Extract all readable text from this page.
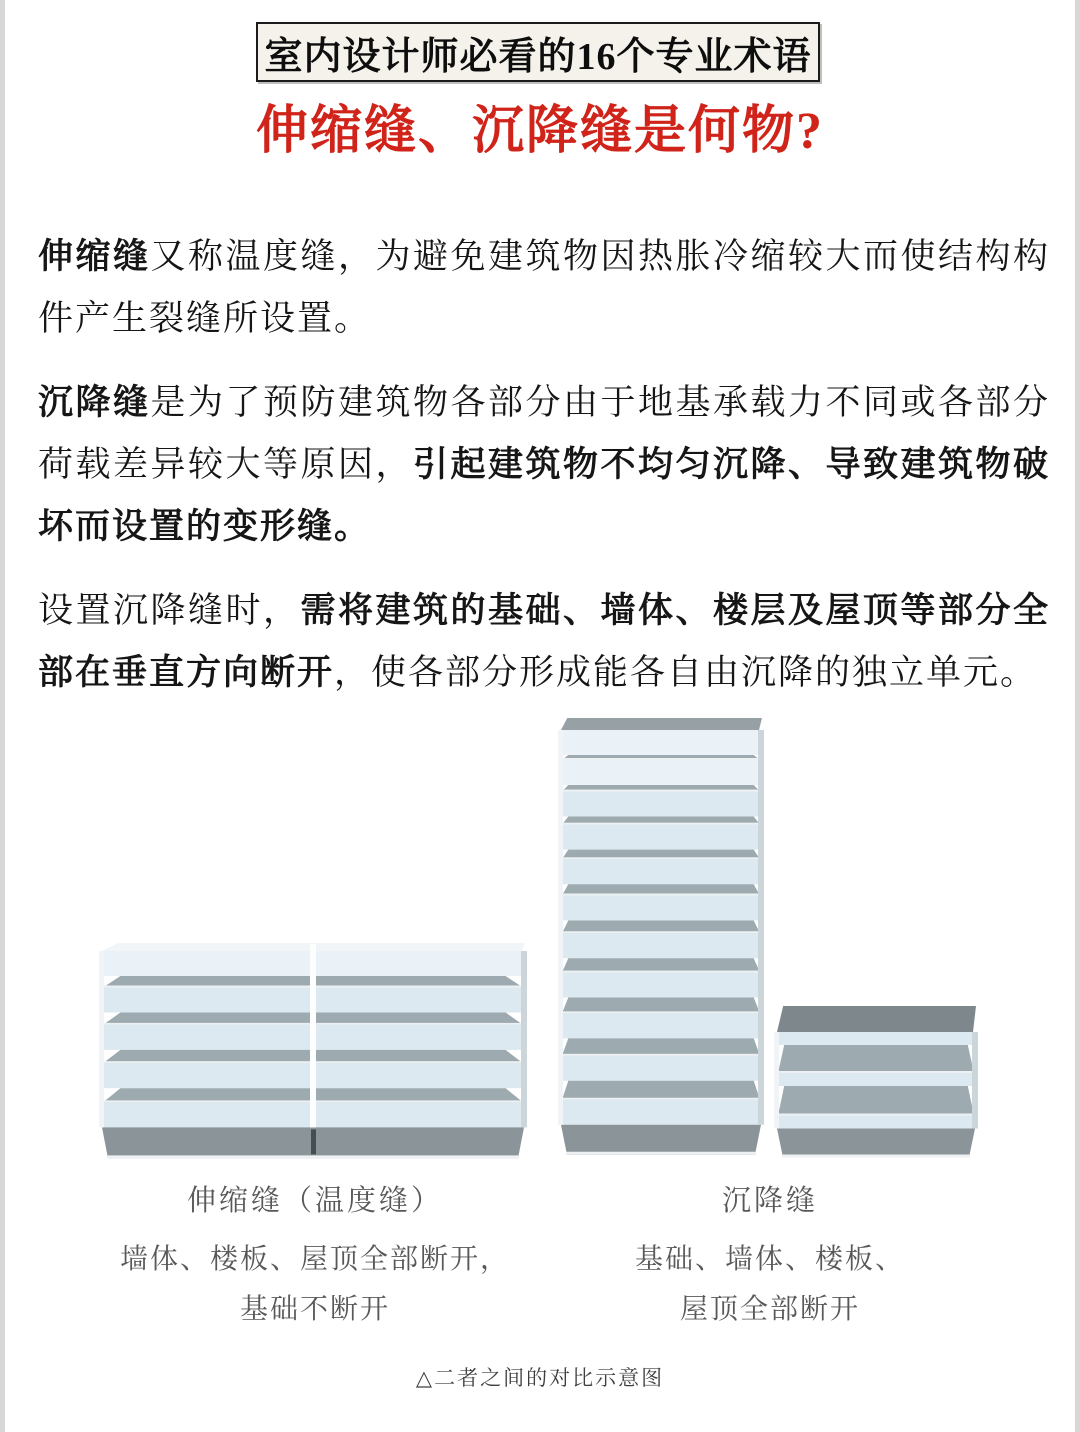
室内设计师必看的16个专业术语
伸缩缝、沉降缝是何物?

伸缩缝又称温度缝，为避免建筑物因热胀冷缩较大而使结构构件产生裂缝所设置。

沉降缝是为了预防建筑物各部分由于地基承载力不同或各部分荷载差异较大等原因，引起建筑物不均匀沉降、导致建筑物破坏而设置的变形缝。

设置沉降缝时，需将建筑的基础、墙体、楼层及屋顶等部分全部在垂直方向断开，使各部分形成能各自由沉降的独立单元。

伸缩缝（温度缝）
墙体、楼板、屋顶全部断开，
基础不断开
沉降缝
基础、墙体、楼板、
屋顶全部断开
△二者之间的对比示意图
